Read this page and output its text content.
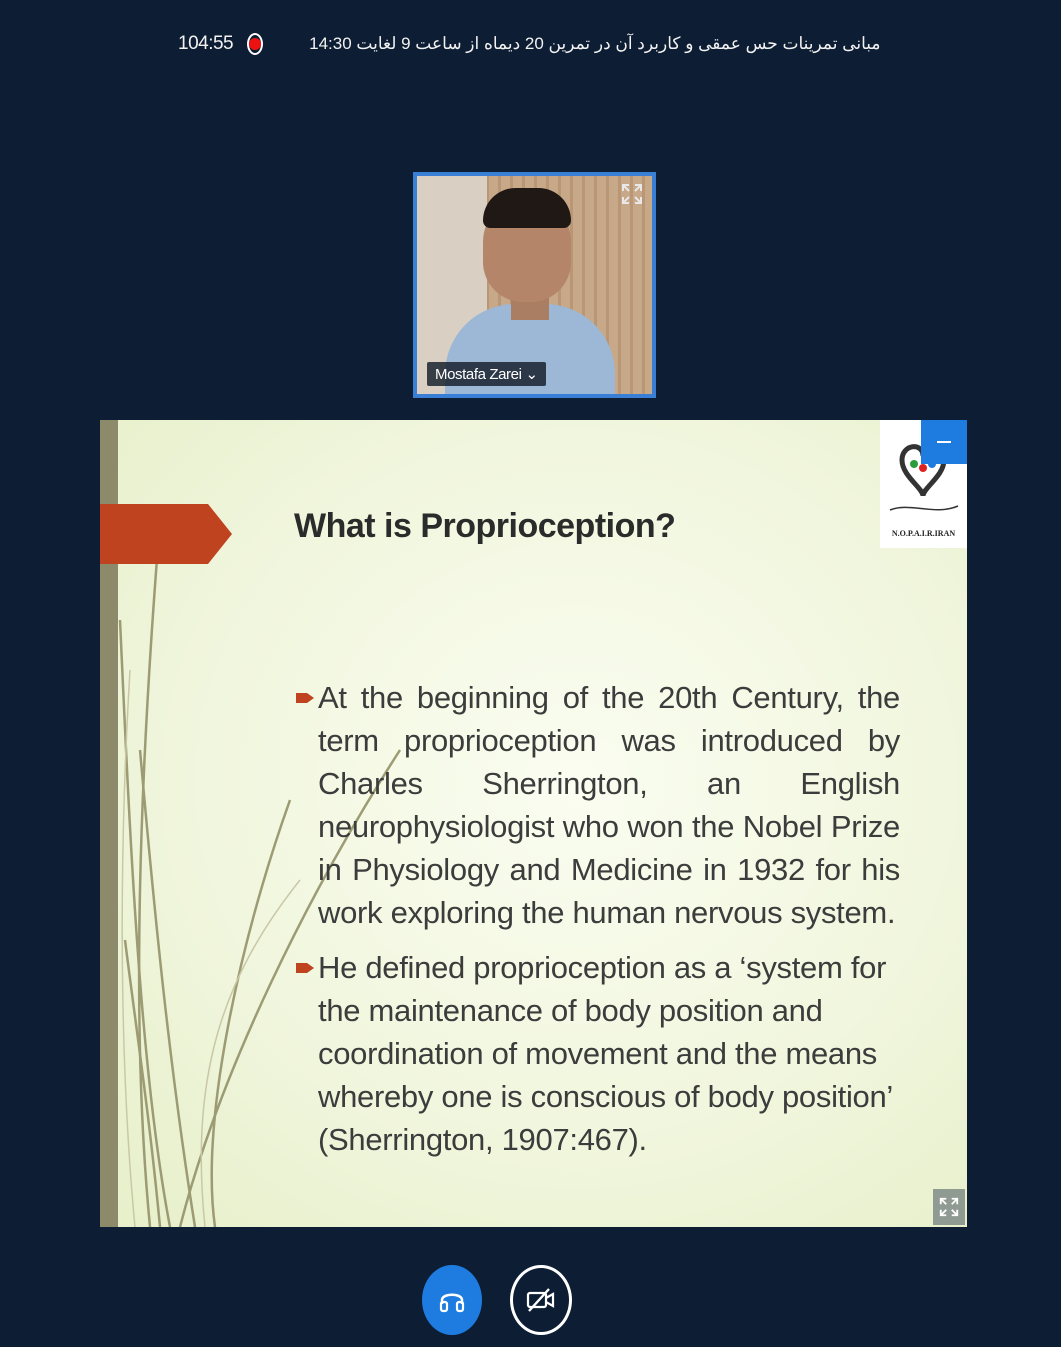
104:55	مبانی تمرینات حس عمقی و کاربرد آن در تمرین 20 دیماه از ساعت 9 لغایت 14:30
Mostafa Zarei ⌄
What is Proprioception?	N.O.P.A.I.R.IRAN
At the beginning of the 20th Century, the term proprioception was introduced by Charles Sherrington, an English neurophysiologist who won the Nobel Prize in Physiology and Medicine in 1932 for his work exploring the human nervous system.
He defined proprioception as a ‘system for the maintenance of body position and coordination of movement and the means whereby one is conscious of body position’ (Sherrington, 1907:467).
